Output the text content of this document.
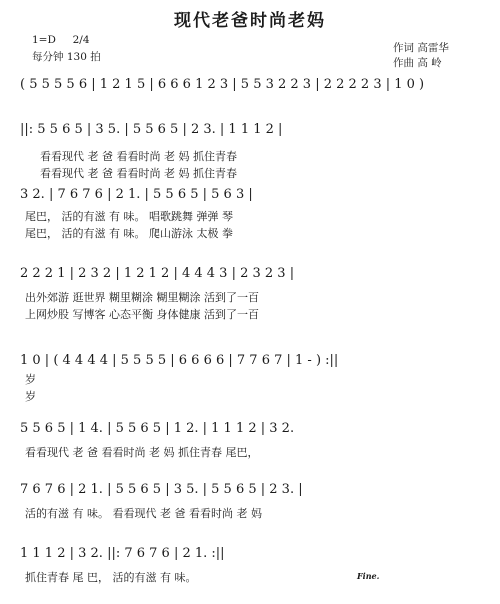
现代老爸时尚老妈
1=D 2/4
每分钟 130 拍
作词 高雷华
作曲 高 岭
( 5 5 5 5 6 | 1 2 1 5 | 6 6 6 1 2 3 | 5 5 3 2 2 3 | 2 2 2 2 3 | 1 0 )
||: 5 5 6 5 | 3 5. | 5 5 6 5 | 2 3. | 1 1 1 2 |
看看现代 老 爸 看看时尚 老 妈 抓住青春
看看现代 老 爸 看看时尚 老 妈 抓住青春
3 2. | 7 6 7 6 | 2 1. | 5 5 6 5 | 5 6 3 |
尾巴， 活的有滋 有 味。 唱歌跳舞 弹弹 琴
尾巴， 活的有滋 有 味。 爬山游泳 太极 拳
2 2 2 1 | 2 3 2 | 1 2 1 2 | 4 4 4 3 | 2 3 2 3 |
出外郊游 逛世界 糊里糊涂 糊里糊涂 活到了一百
上网炒股 写博客 心态平衡 身体健康 活到了一百
1 0 | ( 4 4 4 4 | 5 5 5 5 | 6 6 6 6 | 7 7 6 7 | 1 - ) :||
岁
岁
5 5 6 5 | 1 4. | 5 5 6 5 | 1 2. | 1 1 1 2 | 3 2.
看看现代 老 爸 看看时尚 老 妈 抓住青春 尾巴，
7 6 7 6 | 2 1. | 5 5 6 5 | 3 5. | 5 5 6 5 | 2 3. |
活的有滋 有 味。 看看现代 老 爸 看看时尚 老 妈
1 1 1 2 | 3 2. ||: 7 6 7 6 | 2 1. :||
抓住青春 尾 巴， 活的有滋 有 味。	Fine.
